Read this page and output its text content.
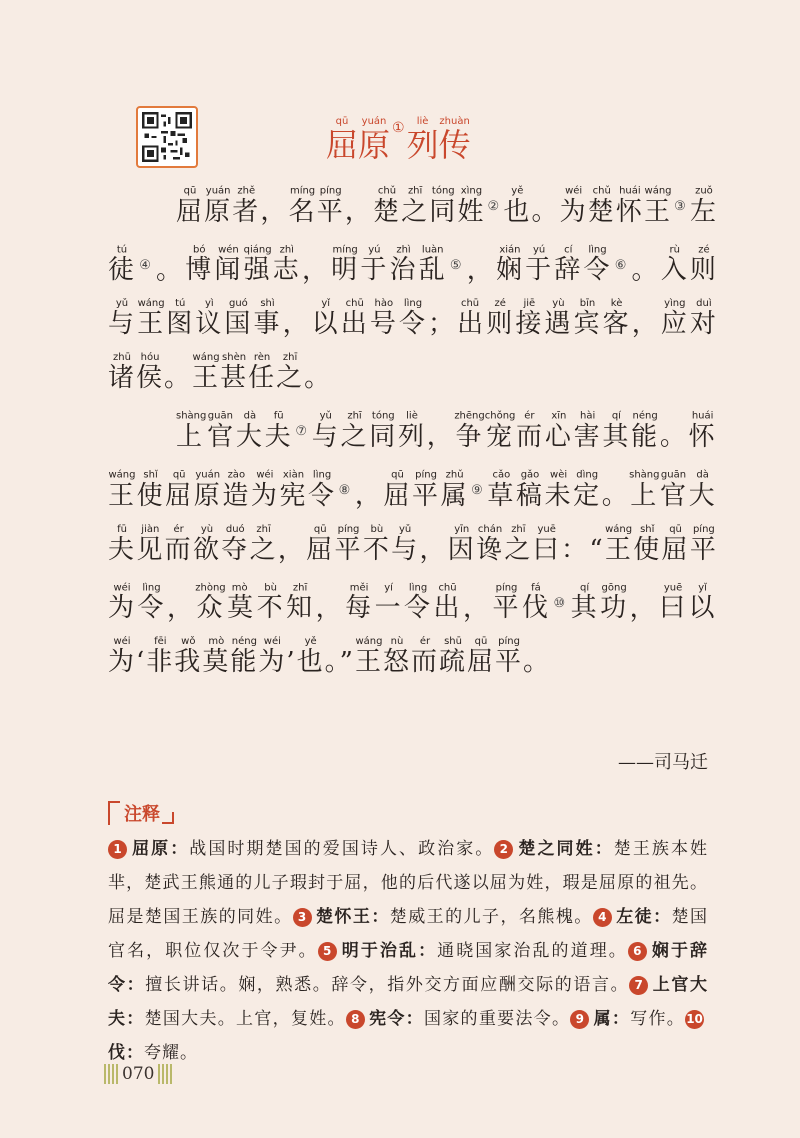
屈qū原yuán ①列liè传zhuàn

屈qū原yuán者zhě，名míng平píng，楚chǔ之zhī同tóng姓xìng②也yě。为wéi楚chǔ怀huái王wáng③左zuǒ徒tú④。博bó闻wén强qiáng志zhì，明míng于yú治zhì乱luàn⑤，娴xián于yú辞cí令lìng⑥。入rù则zé与yǔ王wáng图tú议yì国guó事shì，以yǐ出chū号hào令lìng；出chū则zé接jiē遇yù宾bīn客kè，应yìng对duì诸zhū侯hóu。王wáng甚shèn任rèn之zhī。

上shàng官guān大dà夫fū⑦与yǔ之zhī同tóng列liè，争zhēng宠chǒng而ér心xīn害hài其qí能néng。怀huái王wáng使shǐ屈qū原yuán造zào为wéi宪xiàn令lìng⑧，屈qū平píng属zhǔ⑨草cǎo稿gǎo未wèi定dìng。上shàng官guān大dà夫fū见jiàn而ér欲yù夺duó之zhī，屈qū平píng不bù与yǔ，因yīn谗chán之zhī曰yuē：“王wáng使shǐ屈qū平píng为wéi令lìng，众zhòng莫mò不bù知zhī，每měi一yí令lìng出chū，平píng伐fá⑩其qí功gōng，曰yuē以yǐ为wéi‘非fēi我wǒ莫mò能néng为wéi’也yě。”王wáng怒nù而ér疏shū屈qū平píng。

——司马迁
注释
1 屈原：战国时期楚国的爱国诗人、政治家。 2 楚之同姓：楚王族本姓芈，楚武王熊通的儿子瑕封于屈，他的后代遂以屈为姓，瑕是屈原的祖先。屈是楚国王族的同姓。 3 楚怀王：楚威王的儿子，名熊槐。 4 左徒：楚国官名，职位仅次于令尹。 5 明于治乱：通晓国家治乱的道理。 6 娴于辞令：擅长讲话。娴，熟悉。辞令，指外交方面应酬交际的语言。 7 上官大夫：楚国大夫。上官，复姓。 8 宪令：国家的重要法令。 9 属：写作。10伐：夸耀。
070
